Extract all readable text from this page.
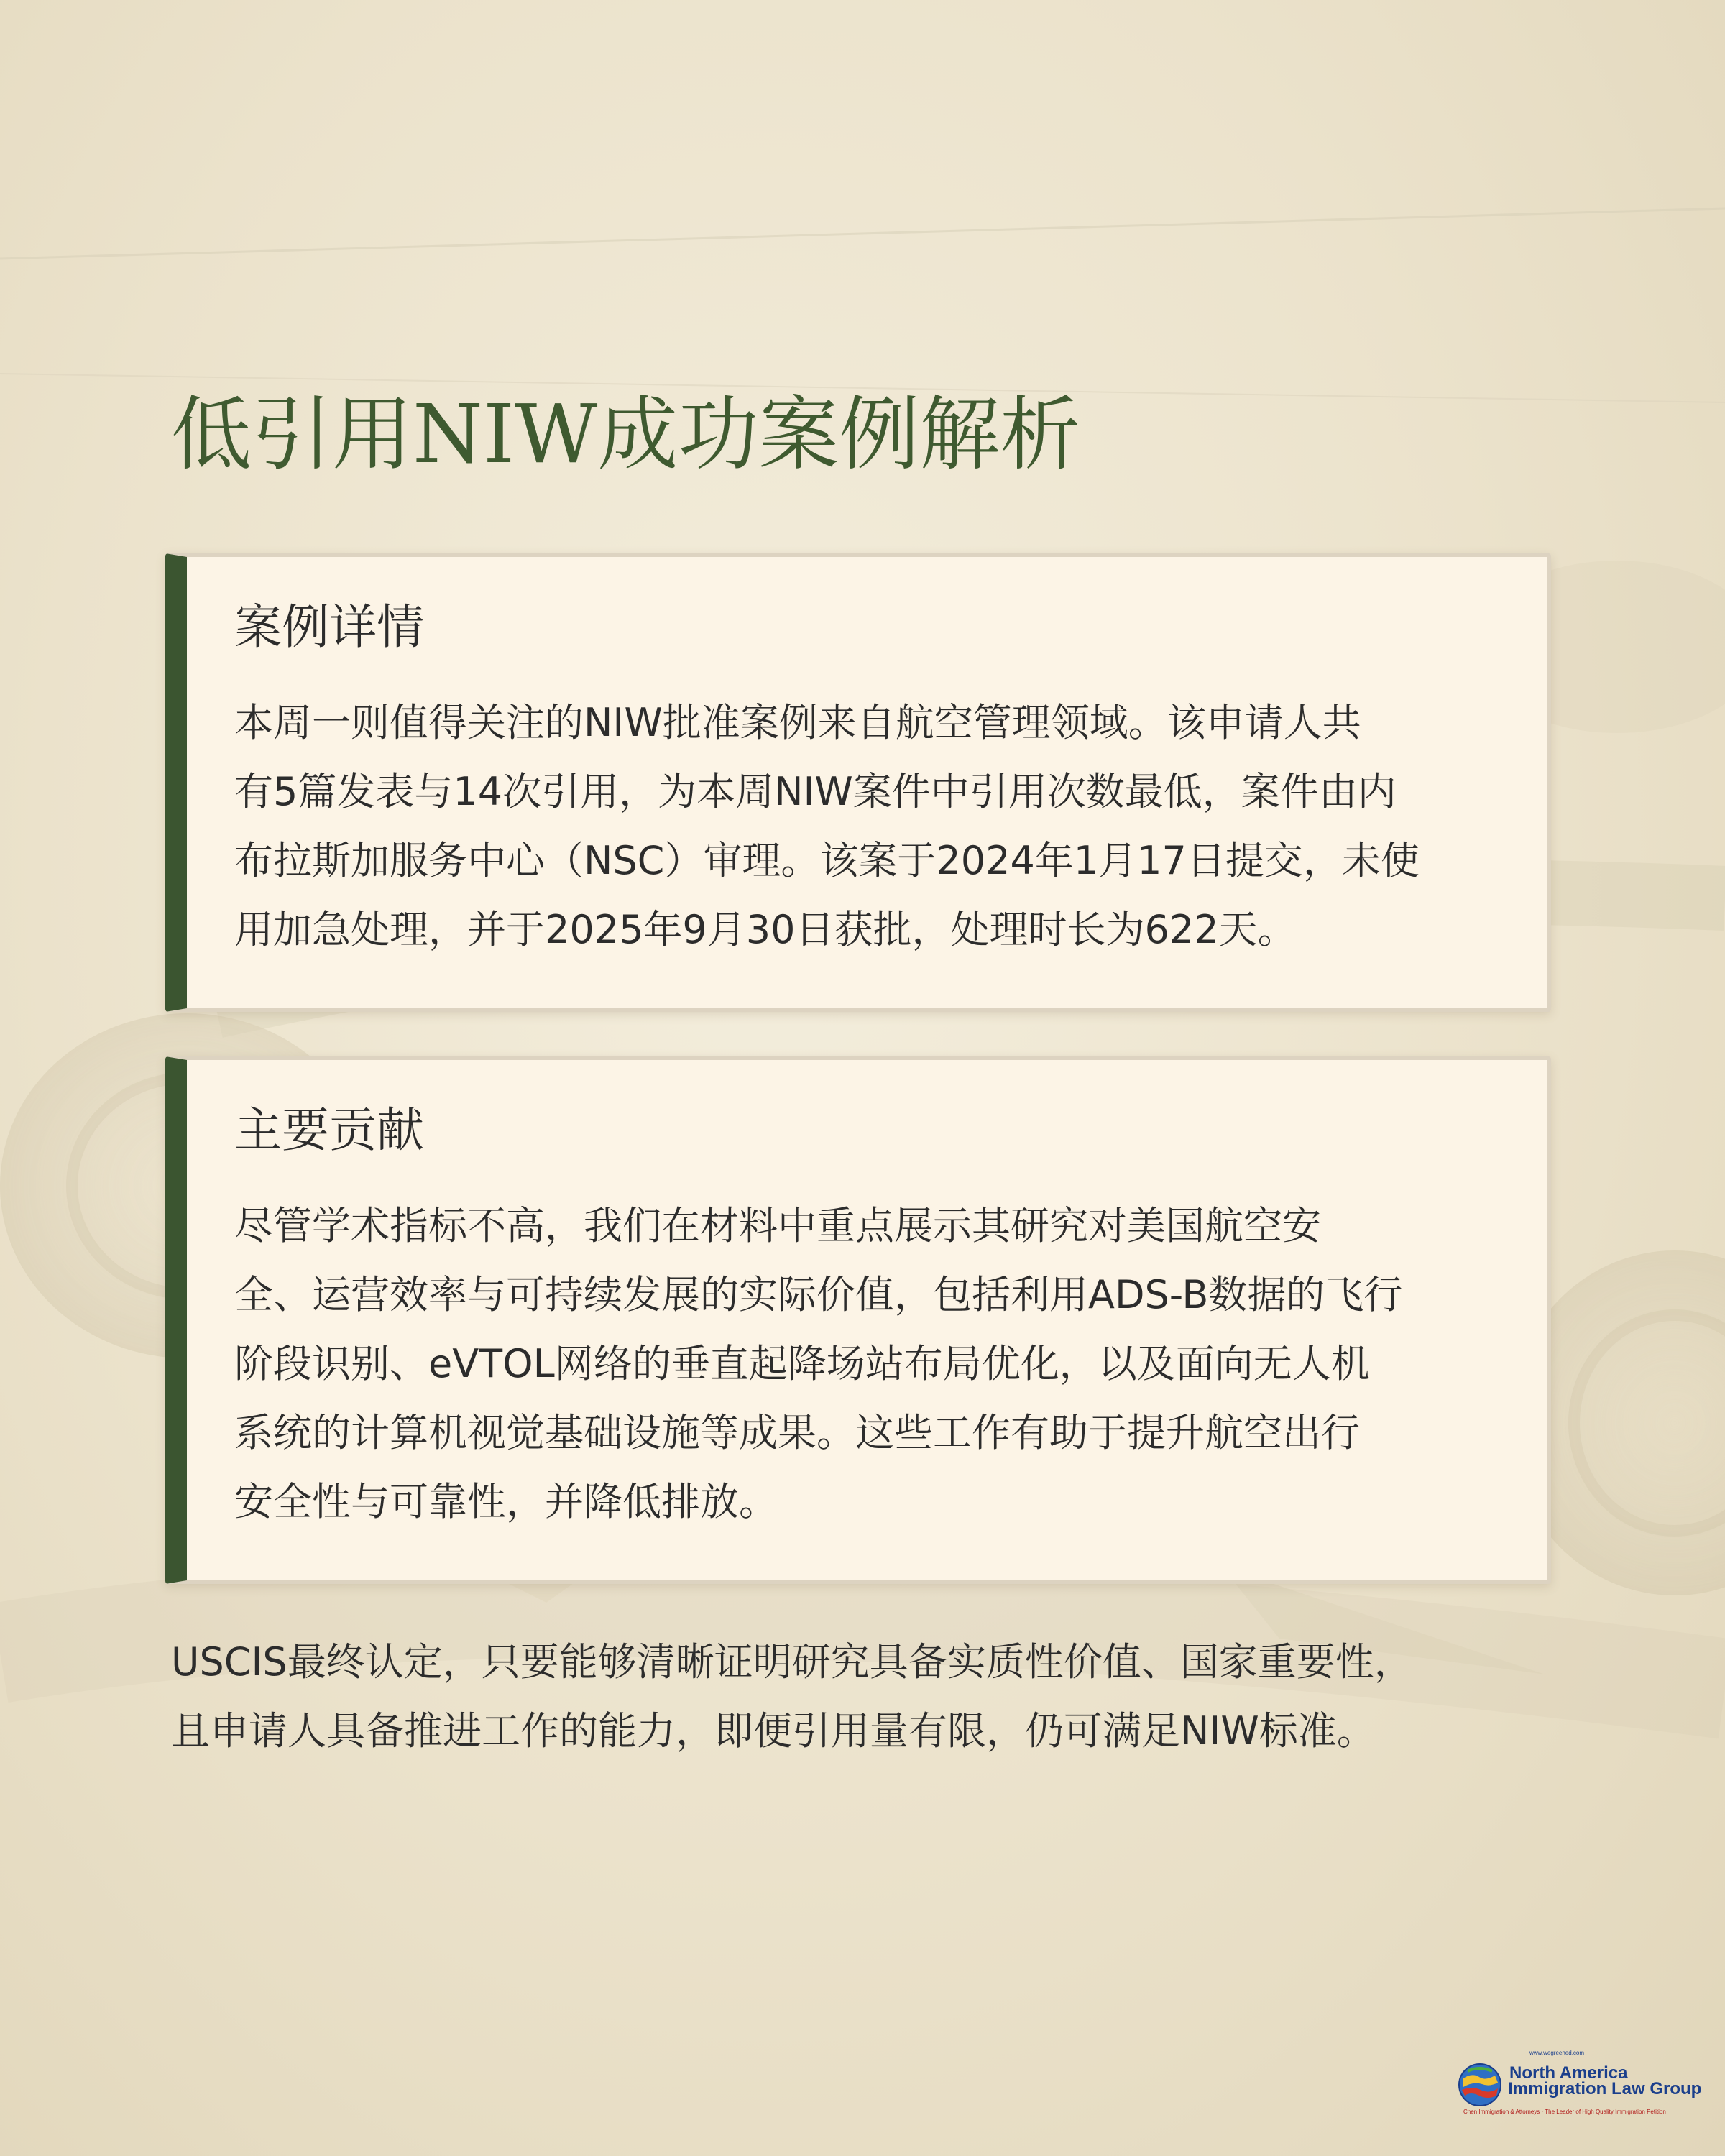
低引用NIW成功案例解析
案例详情

本周一则值得关注的NIW批准案例来自航空管理领域。该申请人共
有5篇发表与14次引用，为本周NIW案件中引用次数最低，案件由内
布拉斯加服务中心（NSC）审理。该案于2024年1月17日提交，未使
用加急处理，并于2025年9月30日获批，处理时长为622天。

主要贡献

尽管学术指标不高，我们在材料中重点展示其研究对美国航空安
全、运营效率与可持续发展的实际价值，包括利用ADS-B数据的飞行
阶段识别、eVTOL网络的垂直起降场站布局优化，以及面向无人机
系统的计算机视觉基础设施等成果。这些工作有助于提升航空出行
安全性与可靠性，并降低排放。

USCIS最终认定，只要能够清晰证明研究具备实质性价值、国家重要性，
且申请人具备推进工作的能力，即便引用量有限，仍可满足NIW标准。

www.wegreened.com
North America
Immigration Law Group
Chen Immigration & Attorneys · The Leader of High Quality Immigration Petition
